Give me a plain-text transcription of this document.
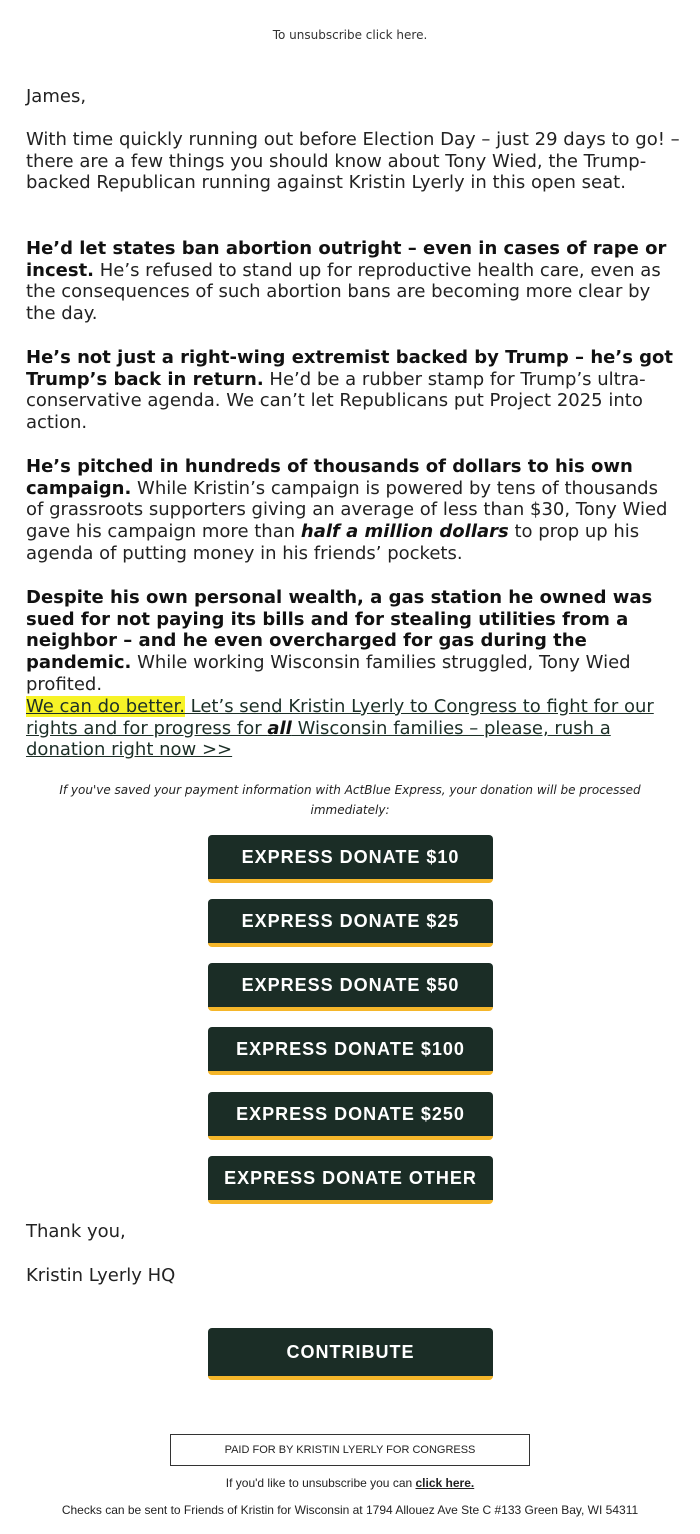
To unsubscribe click here.
James,

With time quickly running out before Election Day – just 29 days to go! – there are a few things you should know about Tony Wied, the Trump-backed Republican running against Kristin Lyerly in this open seat.

He’d let states ban abortion outright – even in cases of rape or incest. He’s refused to stand up for reproductive health care, even as the consequences of such abortion bans are becoming more clear by the day.

He’s not just a right-wing extremist backed by Trump – he’s got Trump’s back in return. He’d be a rubber stamp for Trump’s ultra-conservative agenda. We can’t let Republicans put Project 2025 into action.

He’s pitched in hundreds of thousands of dollars to his own campaign. While Kristin’s campaign is powered by tens of thousands of grassroots supporters giving an average of less than $30, Tony Wied gave his campaign more than half a million dollars to prop up his agenda of putting money in his friends’ pockets.

Despite his own personal wealth, a gas station he owned was sued for not paying its bills and for stealing utilities from a neighbor – and he even overcharged for gas during the pandemic. While working Wisconsin families struggled, Tony Wied profited.

We can do better. Let’s send Kristin Lyerly to Congress to fight for our rights and for progress for all Wisconsin families – please, rush a donation right now >>

If you've saved your payment information with ActBlue Express, your donation will be processed immediately:
EXPRESS DONATE $10
EXPRESS DONATE $25
EXPRESS DONATE $50
EXPRESS DONATE $100
EXPRESS DONATE $250
EXPRESS DONATE OTHER
Thank you,
Kristin Lyerly HQ
CONTRIBUTE
PAID FOR BY KRISTIN LYERLY FOR CONGRESS
If you'd like to unsubscribe you can click here.
Checks can be sent to Friends of Kristin for Wisconsin at 1794 Allouez Ave Ste C #133 Green Bay, WI 54311
